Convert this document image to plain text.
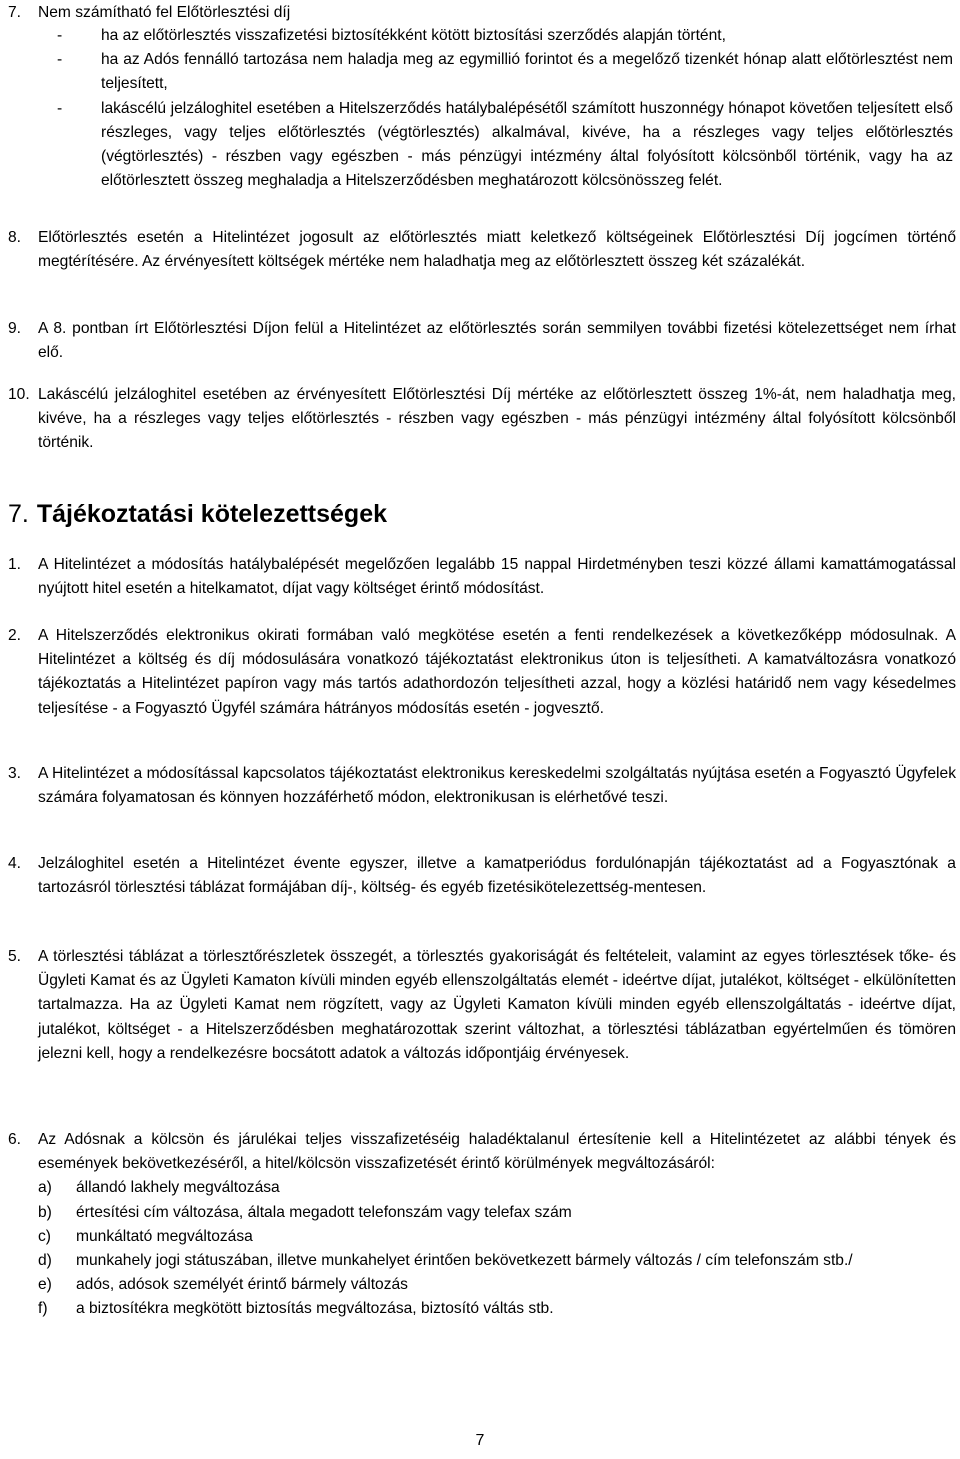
7. Nem számítható fel Előtörlesztési díj
- ha az előtörlesztés visszafizetési biztosítékként kötött biztosítási szerződés alapján történt,
- ha az Adós fennálló tartozása nem haladja meg az egymillió forintot és a megelőző tizenkét hónap alatt előtörlesztést nem teljesített,
- lakáscélú jelzáloghitel esetében a Hitelszerződés hatálybalépésétől számított huszonnégy hónapot követően teljesített első részleges, vagy teljes előtörlesztés (végtörlesztés) alkalmával, kivéve, ha a részleges vagy teljes előtörlesztés (végtörlesztés) - részben vagy egészben - más pénzügyi intézmény által folyósított kölcsönből történik, vagy ha az előtörlesztett összeg meghaladja a Hitelszerződésben meghatározott kölcsönösszeg felét.
8. Előtörlesztés esetén a Hitelintézet jogosult az előtörlesztés miatt keletkező költségeinek Előtörlesztési Díj jogcímen történő megtérítésére. Az érvényesített költségek mértéke nem haladhatja meg az előtörlesztett összeg két százalékát.
9. A 8. pontban írt Előtörlesztési Díjon felül a Hitelintézet az előtörlesztés során semmilyen további fizetési kötelezettséget nem írhat elő.
10. Lakáscélú jelzáloghitel esetében az érvényesített Előtörlesztési Díj mértéke az előtörlesztett összeg 1%-át, nem haladhatja meg, kivéve, ha a részleges vagy teljes előtörlesztés - részben vagy egészben - más pénzügyi intézmény által folyósított kölcsönből történik.
7. Tájékoztatási kötelezettségek
1. A Hitelintézet a módosítás hatálybalépését megelőzően legalább 15 nappal Hirdetményben teszi közzé állami kamattámogatással nyújtott hitel esetén a hitelkamatot, díjat vagy költséget érintő módosítást.
2. A Hitelszerződés elektronikus okirati formában való megkötése esetén a fenti rendelkezések a következőképp módosulnak. A Hitelintézet a költség és díj módosulására vonatkozó tájékoztatást elektronikus úton is teljesítheti. A kamatváltozásra vonatkozó tájékoztatás a Hitelintézet papíron vagy más tartós adathordozón teljesítheti azzal, hogy a közlési határidő nem vagy késedelmes teljesítése - a Fogyasztó Ügyfél számára hátrányos módosítás esetén - jogvesztő.
3. A Hitelintézet a módosítással kapcsolatos tájékoztatást elektronikus kereskedelmi szolgáltatás nyújtása esetén a Fogyasztó Ügyfelek számára folyamatosan és könnyen hozzáférhető módon, elektronikusan is elérhetővé teszi.
4. Jelzáloghitel esetén a Hitelintézet évente egyszer, illetve a kamatperiódus fordulónapján tájékoztatást ad a Fogyasztónak a tartozásról törlesztési táblázat formájában díj-, költség- és egyéb fizetésikötelezettség-mentesen.
5. A törlesztési táblázat a törlesztőrészletek összegét, a törlesztés gyakoriságát és feltételeit, valamint az egyes törlesztések tőke- és Ügyleti Kamat és az Ügyleti Kamaton kívüli minden egyéb ellenszolgáltatás elemét - ideértve díjat, jutalékot, költséget - elkülönítetten tartalmazza. Ha az Ügyleti Kamat nem rögzített, vagy az Ügyleti Kamaton kívüli minden egyéb ellenszolgáltatás - ideértve díjat, jutalékot, költséget - a Hitelszerződésben meghatározottak szerint változhat, a törlesztési táblázatban egyértelműen és tömören jelezni kell, hogy a rendelkezésre bocsátott adatok a változás időpontjáig érvényesek.
6. Az Adósnak a kölcsön és járulékai teljes visszafizetéséig haladéktalanul értesítenie kell a Hitelintézetet az alábbi tények és események bekövetkezéséről, a hitel/kölcsön visszafizetését érintő körülmények megváltozásáról:
a) állandó lakhely megváltozása
b) értesítési cím változása, általa megadott telefonszám vagy telefax szám
c) munkáltató megváltozása
d) munkahely jogi státuszában, illetve munkahelyet érintően bekövetkezett bármely változás / cím telefonszám stb./
e) adós, adósok személyét érintő bármely változás
f) a biztosítékra megkötött biztosítás megváltozása, biztosító váltás stb.
7
